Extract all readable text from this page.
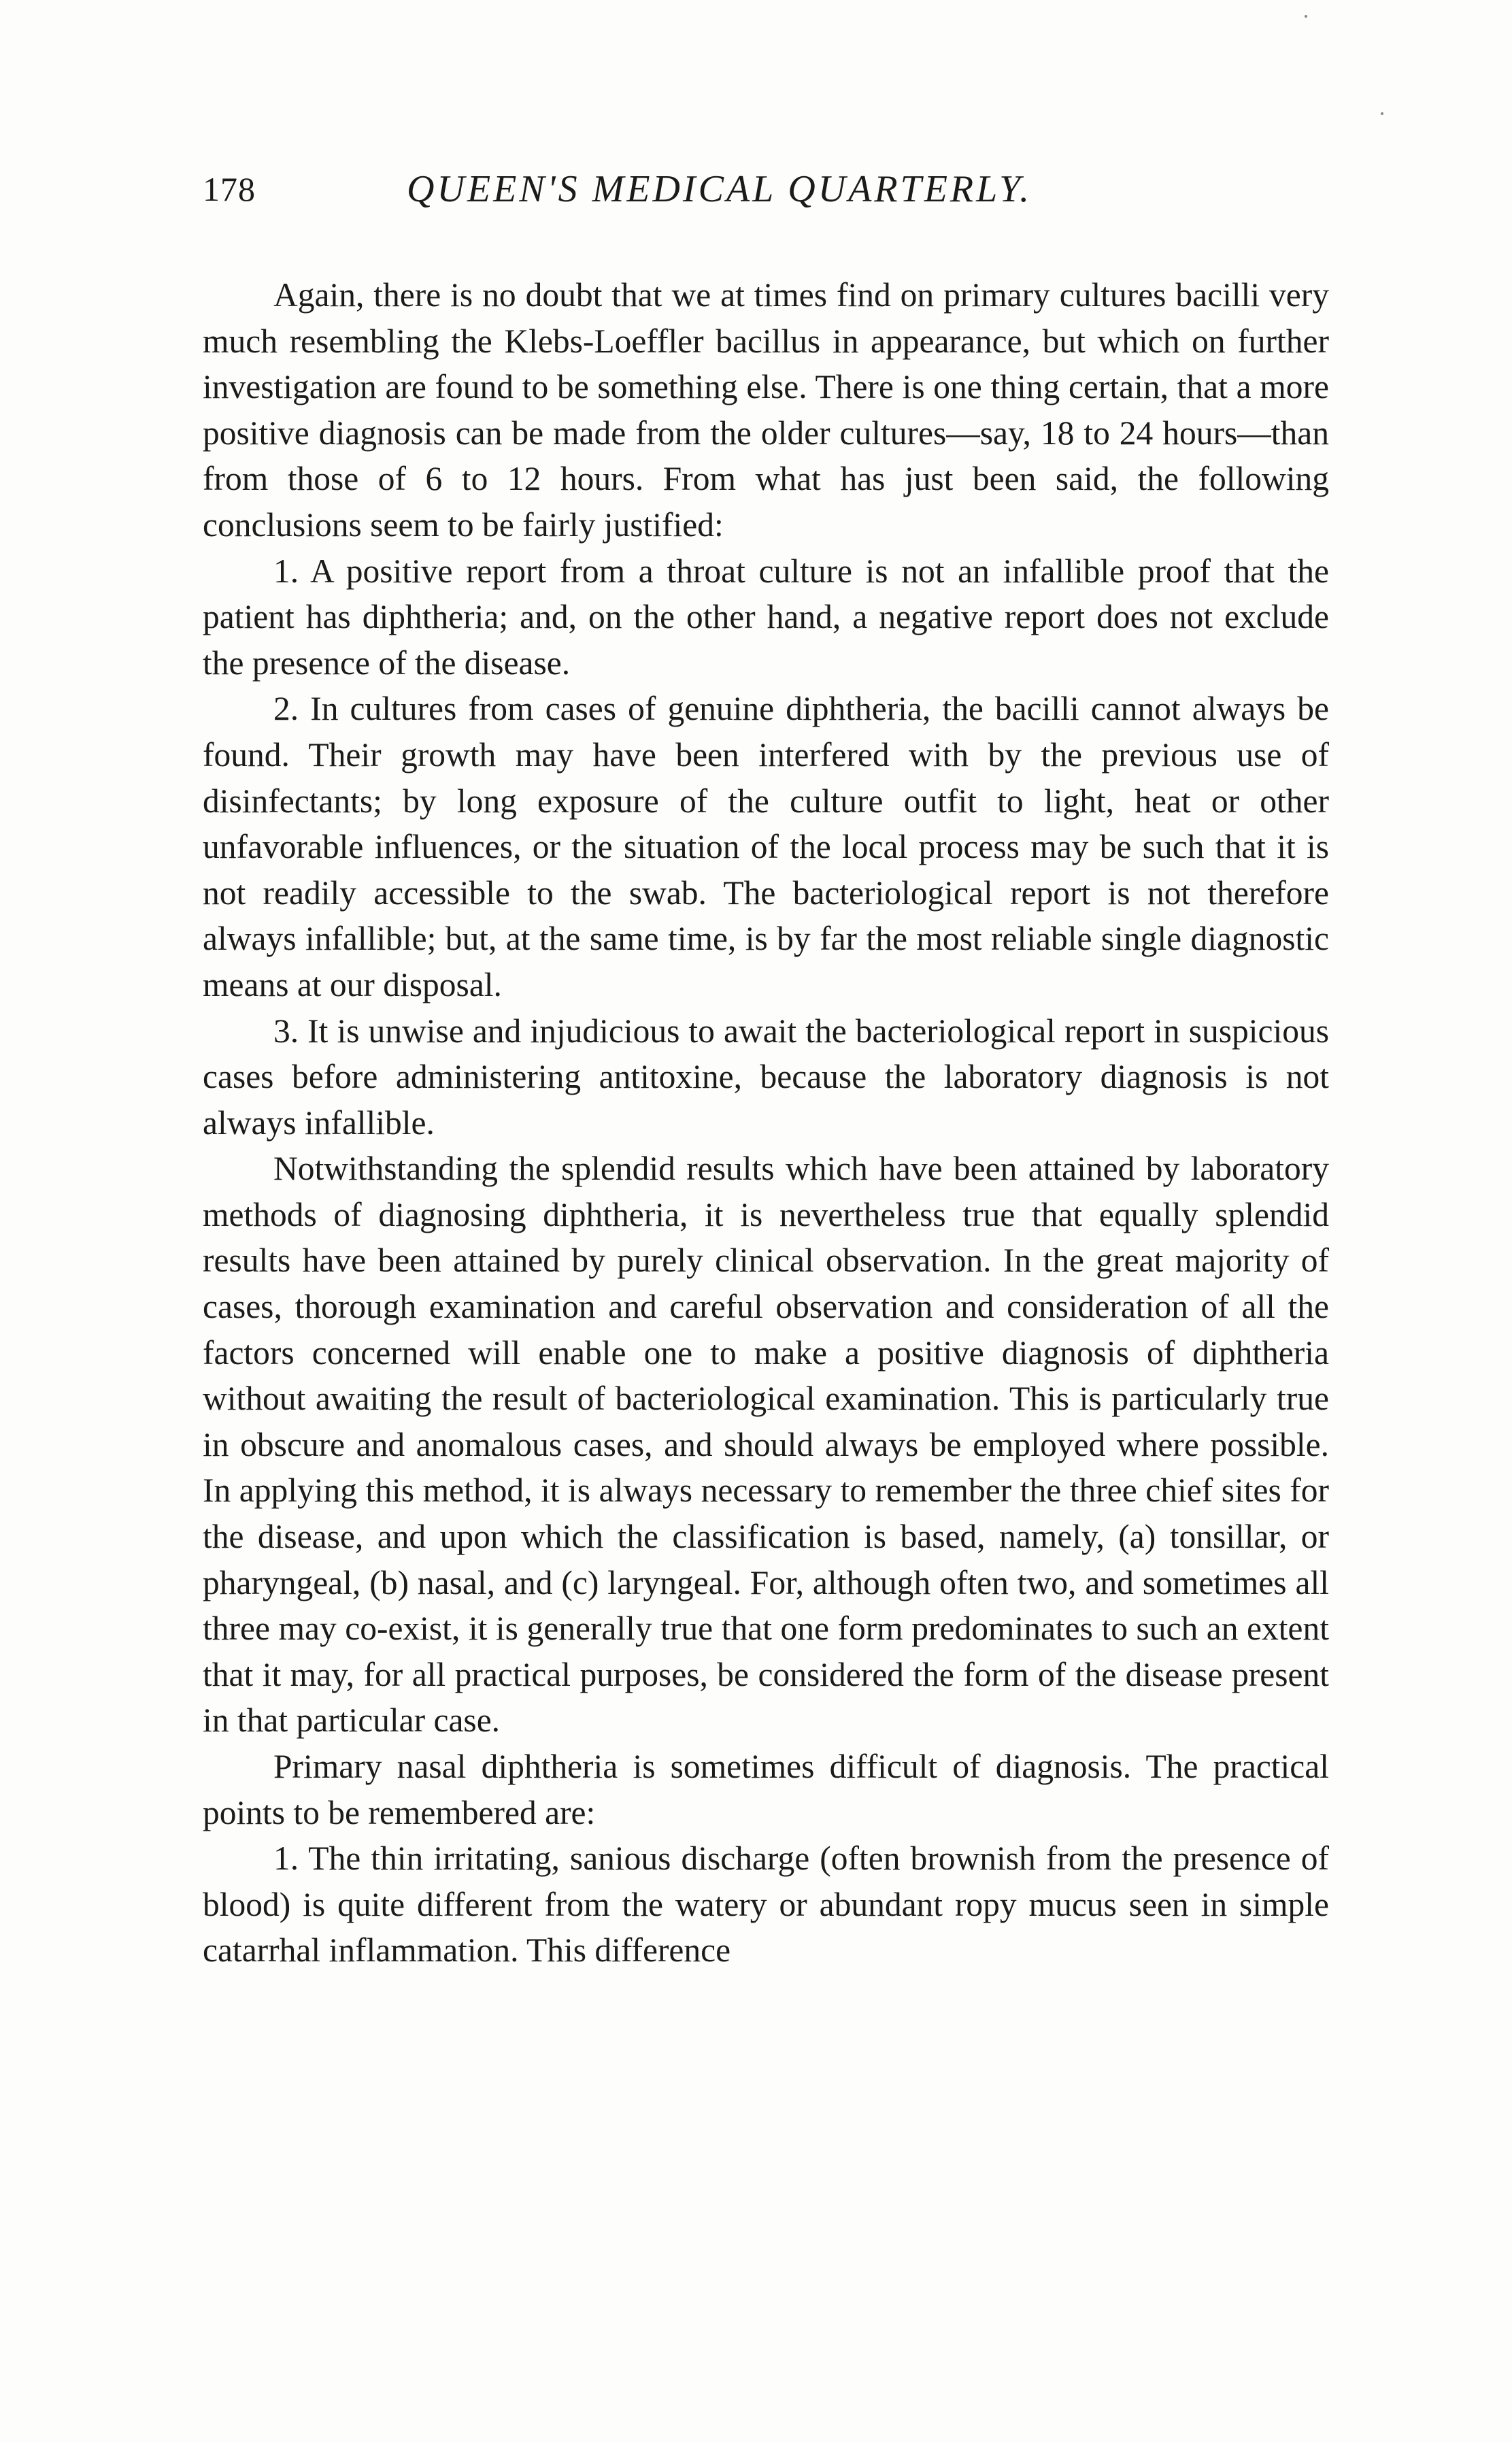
178	QUEEN'S MEDICAL QUARTERLY.

Again, there is no doubt that we at times find on primary cultures bacilli very much resembling the Klebs-Loeffler bacillus in appearance, but which on further investigation are found to be something else. There is one thing certain, that a more positive diagnosis can be made from the older cultures—say, 18 to 24 hours—than from those of 6 to 12 hours. From what has just been said, the following conclusions seem to be fairly justified:

1. A positive report from a throat culture is not an infallible proof that the patient has diphtheria; and, on the other hand, a negative report does not exclude the presence of the disease.

2. In cultures from cases of genuine diphtheria, the bacilli cannot always be found. Their growth may have been interfered with by the previous use of disinfectants; by long exposure of the culture outfit to light, heat or other unfavorable influences, or the situation of the local process may be such that it is not readily accessible to the swab. The bacteriological report is not therefore always infallible; but, at the same time, is by far the most reliable single diagnostic means at our disposal.

3. It is unwise and injudicious to await the bacteriological report in suspicious cases before administering antitoxine, because the laboratory diagnosis is not always infallible.

Notwithstanding the splendid results which have been attained by laboratory methods of diagnosing diphtheria, it is nevertheless true that equally splendid results have been attained by purely clinical observation. In the great majority of cases, thorough examination and careful observation and consideration of all the factors concerned will enable one to make a positive diagnosis of diphtheria without awaiting the result of bacteriological examination. This is particularly true in obscure and anomalous cases, and should always be employed where possible. In applying this method, it is always necessary to remember the three chief sites for the disease, and upon which the classification is based, namely, (a) tonsillar, or pharyngeal, (b) nasal, and (c) laryngeal. For, although often two, and sometimes all three may co-exist, it is generally true that one form predominates to such an extent that it may, for all practical purposes, be considered the form of the disease present in that particular case.

Primary nasal diphtheria is sometimes difficult of diagnosis. The practical points to be remembered are:

1. The thin irritating, sanious discharge (often brownish from the presence of blood) is quite different from the watery or abundant ropy mucus seen in simple catarrhal inflammation. This difference
